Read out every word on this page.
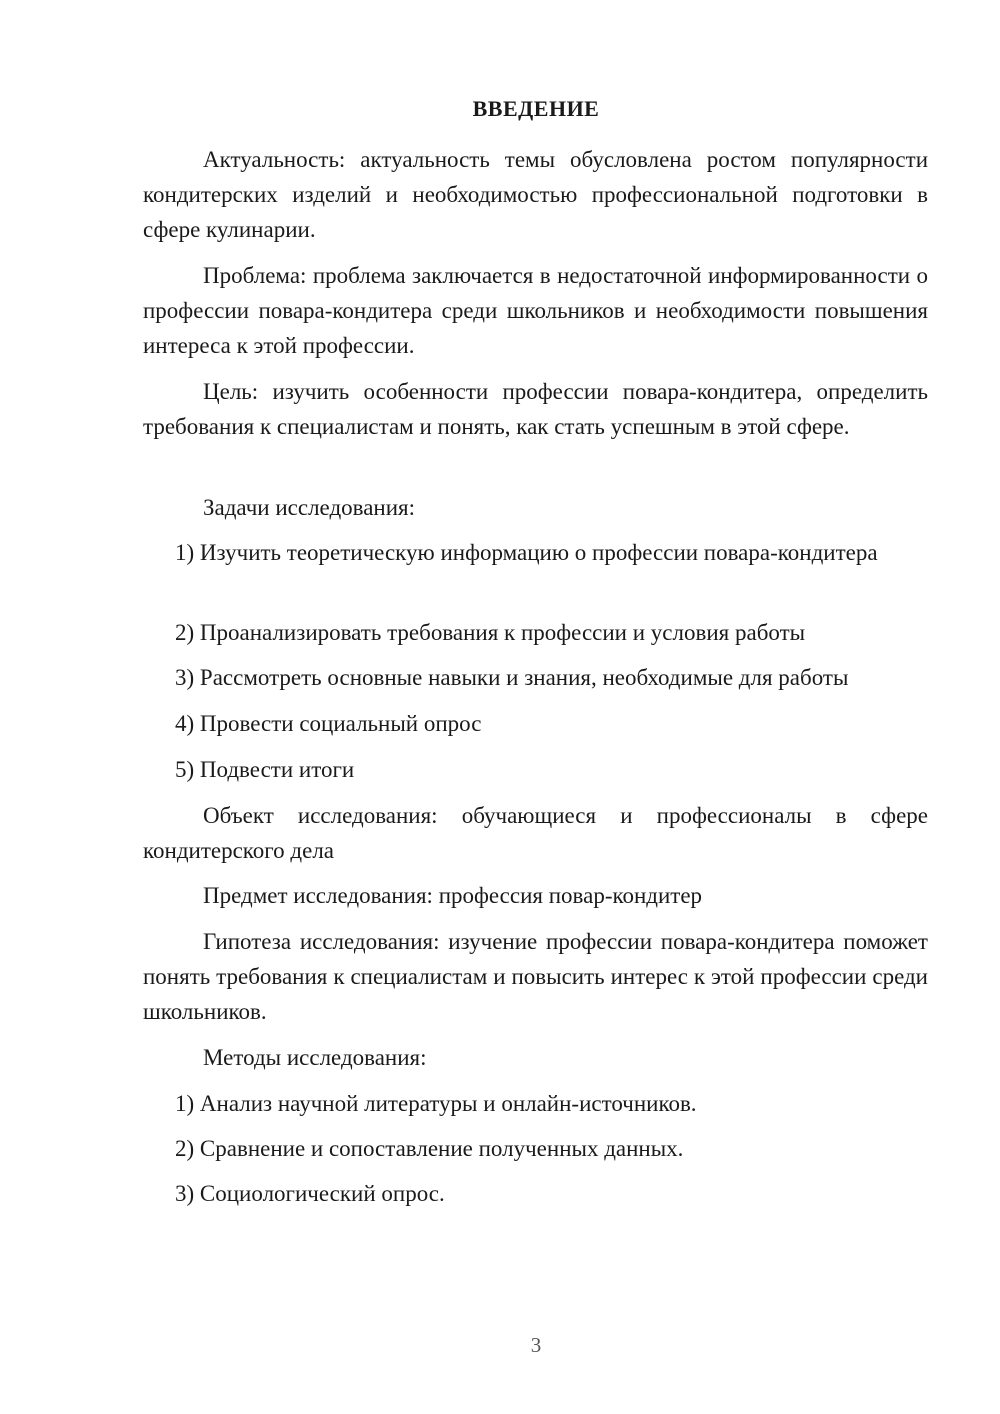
ВВЕДЕНИЕ
Актуальность: актуальность темы обусловлена ростом популярности кондитерских изделий и необходимостью профессиональной подготовки в сфере кулинарии.
Проблема: проблема заключается в недостаточной информированности о профессии повара-кондитера среди школьников и необходимости повышения интереса к этой профессии.
Цель: изучить особенности профессии повара-кондитера, определить требования к специалистам и понять, как стать успешным в этой сфере.
Задачи исследования:
1) Изучить теоретическую информацию о профессии повара-кондитера
2) Проанализировать требования к профессии и условия работы
3) Рассмотреть основные навыки и знания, необходимые для работы
4) Провести социальный опрос
5) Подвести итоги
Объект исследования: обучающиеся и профессионалы в сфере кондитерского дела
Предмет исследования: профессия повар-кондитер
Гипотеза исследования: изучение профессии повара-кондитера поможет понять требования к специалистам и повысить интерес к этой профессии среди школьников.
Методы исследования:
1) Анализ научной литературы и онлайн-источников.
2) Сравнение и сопоставление полученных данных.
3) Социологический опрос.
3
